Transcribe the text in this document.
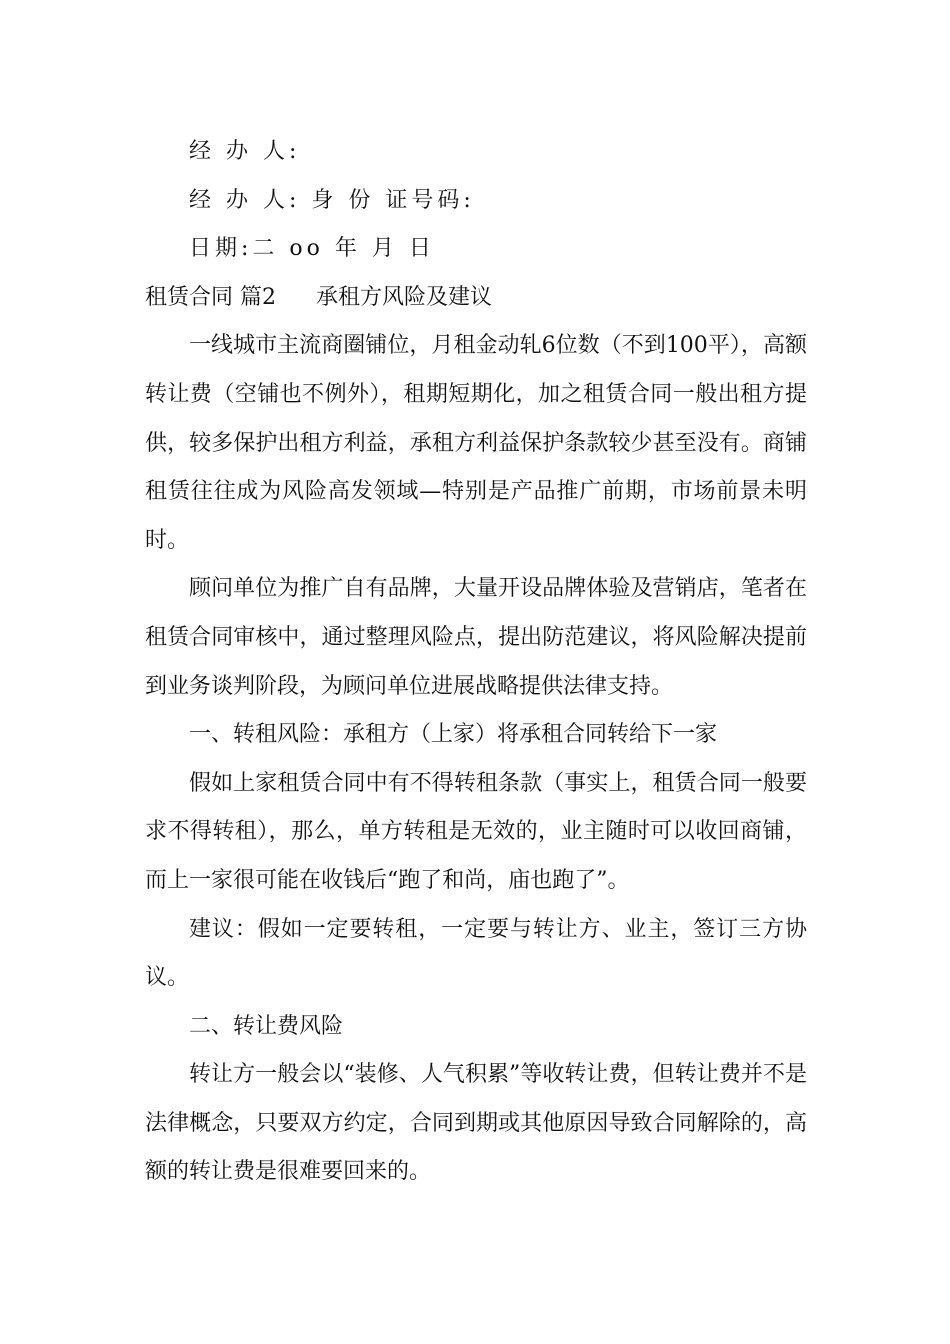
经 办 人:

经 办 人: 身 份 证号码:

日期:二 oo 年 月 日

租赁合同 篇2 承租方风险及建议

一线城市主流商圈铺位，月租金动轧6位数（不到100平），高额转让费（空铺也不例外），租期短期化，加之租赁合同一般出租方提供，较多保护出租方利益，承租方利益保护条款较少甚至没有。商铺租赁往往成为风险高发领域—特别是产品推广前期，市场前景未明时。

顾问单位为推广自有品牌，大量开设品牌体验及营销店，笔者在租赁合同审核中，通过整理风险点，提出防范建议，将风险解决提前到业务谈判阶段，为顾问单位进展战略提供法律支持。

一、转租风险：承租方（上家）将承租合同转给下一家

假如上家租赁合同中有不得转租条款（事实上，租赁合同一般要求不得转租），那么，单方转租是无效的，业主随时可以收回商铺，而上一家很可能在收钱后“跑了和尚，庙也跑了”。

建议：假如一定要转租，一定要与转让方、业主，签订三方协议。

二、转让费风险

转让方一般会以“装修、人气积累”等收转让费，但转让费并不是法律概念，只要双方约定，合同到期或其他原因导致合同解除的，高额的转让费是很难要回来的。
